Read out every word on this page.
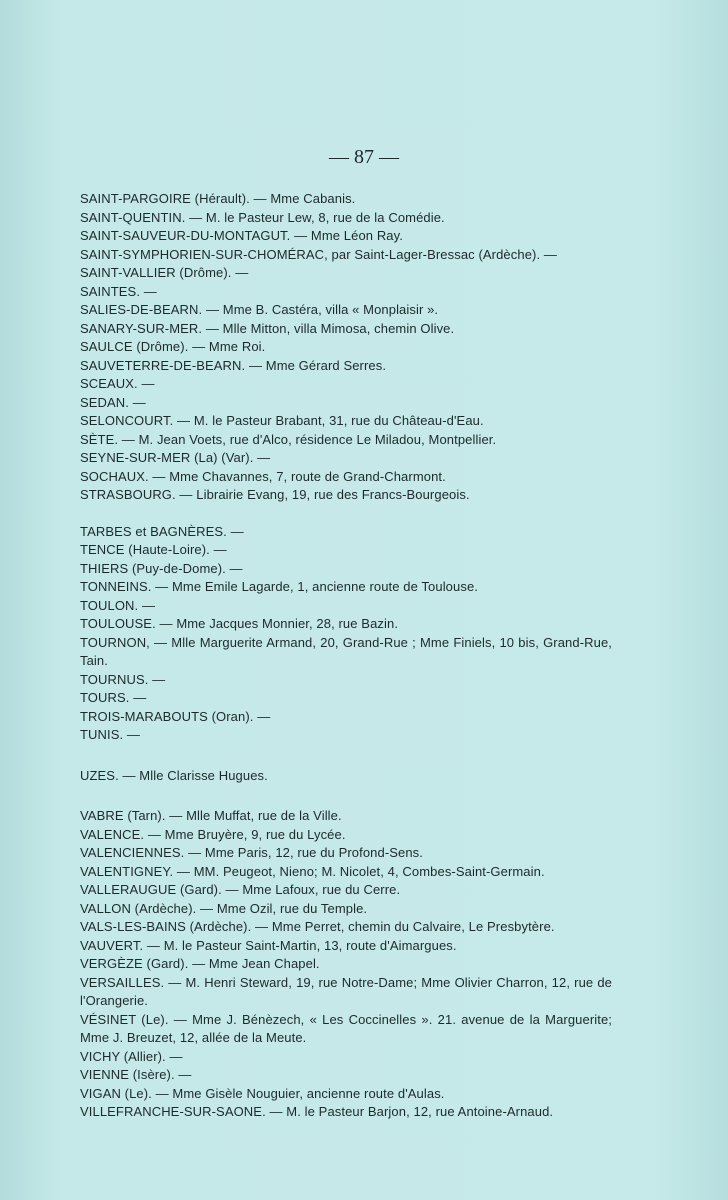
— 87 —

SAINT-PARGOIRE (Hérault). — Mme Cabanis.

SAINT-QUENTIN. — M. le Pasteur Lew, 8, rue de la Comédie.

SAINT-SAUVEUR-DU-MONTAGUT. — Mme Léon Ray.

SAINT-SYMPHORIEN-SUR-CHOMÉRAC, par Saint-Lager-Bressac (Ardèche). —

SAINT-VALLIER (Drôme). —

SAINTES. —

SALIES-DE-BEARN. — Mme B. Castéra, villa « Monplaisir ».

SANARY-SUR-MER. — Mlle Mitton, villa Mimosa, chemin Olive.

SAULCE (Drôme). — Mme Roi.

SAUVETERRE-DE-BEARN. — Mme Gérard Serres.

SCEAUX. —

SEDAN. —

SELONCOURT. — M. le Pasteur Brabant, 31, rue du Château-d'Eau.

SÈTE. — M. Jean Voets, rue d'Alco, résidence Le Miladou, Montpellier.

SEYNE-SUR-MER (La) (Var). —

SOCHAUX. — Mme Chavannes, 7, route de Grand-Charmont.

STRASBOURG. — Librairie Evang, 19, rue des Francs-Bourgeois.

TARBES et BAGNÈRES. —

TENCE (Haute-Loire). —

THIERS (Puy-de-Dome). —

TONNEINS. — Mme Emile Lagarde, 1, ancienne route de Toulouse.

TOULON. —

TOULOUSE. — Mme Jacques Monnier, 28, rue Bazin.

TOURNON, — Mlle Marguerite Armand, 20, Grand-Rue ; Mme Finiels, 10 bis, Grand-Rue, Tain.

TOURNUS. —

TOURS. —

TROIS-MARABOUTS (Oran). —

TUNIS. —

UZES. — Mlle Clarisse Hugues.

VABRE (Tarn). — Mlle Muffat, rue de la Ville.

VALENCE. — Mme Bruyère, 9, rue du Lycée.

VALENCIENNES. — Mme Paris, 12, rue du Profond-Sens.

VALENTIGNEY. — MM. Peugeot, Nieno; M. Nicolet, 4, Combes-Saint-Germain.

VALLERAUGUE (Gard). — Mme Lafoux, rue du Cerre.

VALLON (Ardèche). — Mme Ozil, rue du Temple.

VALS-LES-BAINS (Ardèche). — Mme Perret, chemin du Calvaire, Le Presbytère.

VAUVERT. — M. le Pasteur Saint-Martin, 13, route d'Aimargues.

VERGÈZE (Gard). — Mme Jean Chapel.

VERSAILLES. — M. Henri Steward, 19, rue Notre-Dame; Mme Olivier Charron, 12, rue de l'Orangerie.

VÉSINET (Le). — Mme J. Bénèzech, « Les Coccinelles ». 21. avenue de la Marguerite; Mme J. Breuzet, 12, allée de la Meute.

VICHY (Allier). —

VIENNE (Isère). —

VIGAN (Le). — Mme Gisèle Nouguier, ancienne route d'Aulas.

VILLEFRANCHE-SUR-SAONE. — M. le Pasteur Barjon, 12, rue Antoine-Arnaud.
